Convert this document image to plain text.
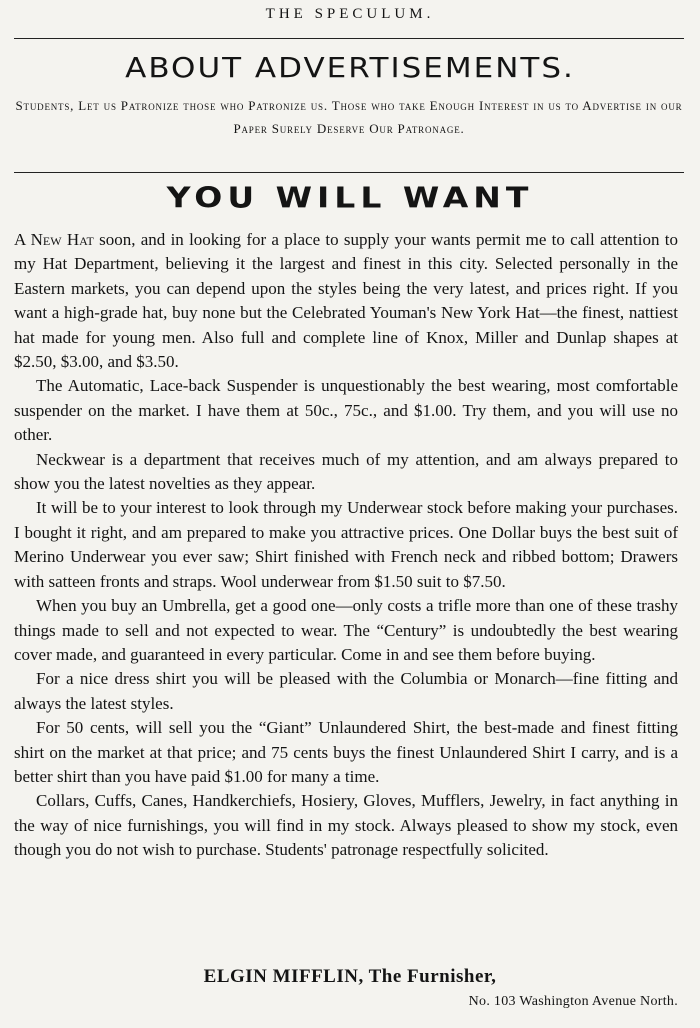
THE SPECULUM.
ABOUT ADVERTISEMENTS.
Students, Let us Patronize those who Patronize us. Those who take Enough Interest in us to Advertise in our Paper Surely Deserve Our Patronage.
YOU WILL WANT

A New Hat soon, and in looking for a place to supply your wants permit me to call attention to my Hat Department, believing it the largest and finest in this city. Selected personally in the Eastern markets, you can depend upon the styles being the very latest, and prices right. If you want a high-grade hat, buy none but the Celebrated Youman's New York Hat—the finest, nattiest hat made for young men. Also full and complete line of Knox, Miller and Dunlap shapes at $2.50, $3.00, and $3.50.

The Automatic, Lace-back Suspender is unquestionably the best wearing, most comfortable suspender on the market. I have them at 50c., 75c., and $1.00. Try them, and you will use no other.

Neckwear is a department that receives much of my attention, and am always prepared to show you the latest novelties as they appear.

It will be to your interest to look through my Underwear stock before making your purchases. I bought it right, and am prepared to make you attractive prices. One Dollar buys the best suit of Merino Underwear you ever saw; Shirt finished with French neck and ribbed bottom; Drawers with satteen fronts and straps. Wool underwear from $1.50 suit to $7.50.

When you buy an Umbrella, get a good one—only costs a trifle more than one of these trashy things made to sell and not expected to wear. The “Century” is undoubtedly the best wearing cover made, and guaranteed in every particular. Come in and see them before buying.

For a nice dress shirt you will be pleased with the Columbia or Monarch—fine fitting and always the latest styles.

For 50 cents, will sell you the “Giant” Unlaundered Shirt, the best-made and finest fitting shirt on the market at that price; and 75 cents buys the finest Unlaundered Shirt I carry, and is a better shirt than you have paid $1.00 for many a time.

Collars, Cuffs, Canes, Handkerchiefs, Hosiery, Gloves, Mufflers, Jewelry, in fact anything in the way of nice furnishings, you will find in my stock. Always pleased to show my stock, even though you do not wish to purchase. Students' patronage respectfully solicited.

ELGIN MIFFLIN, The Furnisher,
No. 103 Washington Avenue North.
